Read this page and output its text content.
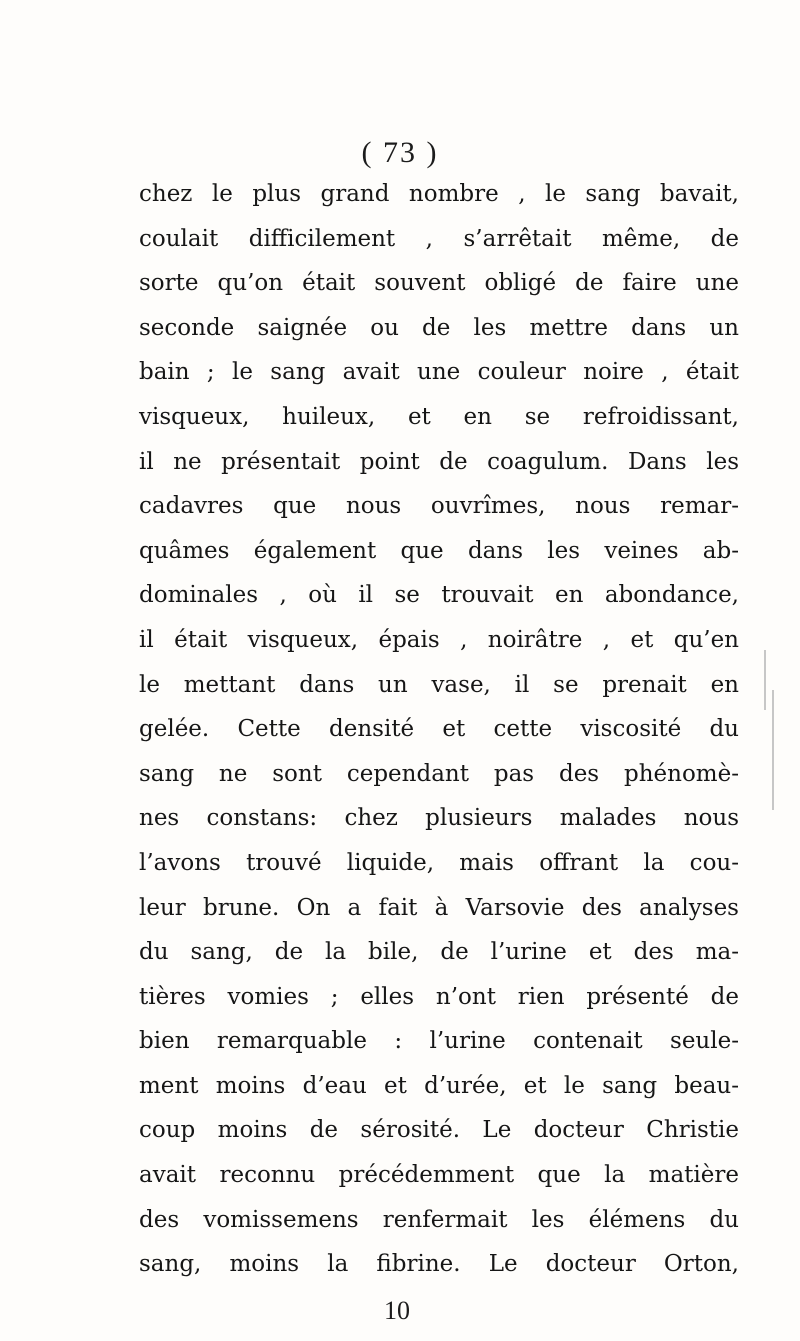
( 73 )
chez le plus grand nombre , le sang bavait,
coulait difficilement , s’arrêtait même, de
sorte qu’on était souvent obligé de faire une
seconde saignée ou de les mettre dans un
bain ; le sang avait une couleur noire , était
visqueux, huileux, et en se refroidissant,
il ne présentait point de coagulum. Dans les
cadavres que nous ouvrîmes, nous remar-
quâmes également que dans les veines ab-
dominales , où il se trouvait en abondance,
il était visqueux, épais , noirâtre , et qu’en
le mettant dans un vase, il se prenait en
gelée. Cette densité et cette viscosité du
sang ne sont cependant pas des phénomè-
nes constans: chez plusieurs malades nous
l’avons trouvé liquide, mais offrant la cou-
leur brune. On a fait à Varsovie des analyses
du sang, de la bile, de l’urine et des ma-
tières vomies ; elles n’ont rien présenté de
bien remarquable : l’urine contenait seule-
ment moins d’eau et d’urée, et le sang beau-
coup moins de sérosité. Le docteur Christie
avait reconnu précédemment que la matière
des vomissemens renfermait les élémens du
sang, moins la fibrine. Le docteur Orton,
10
